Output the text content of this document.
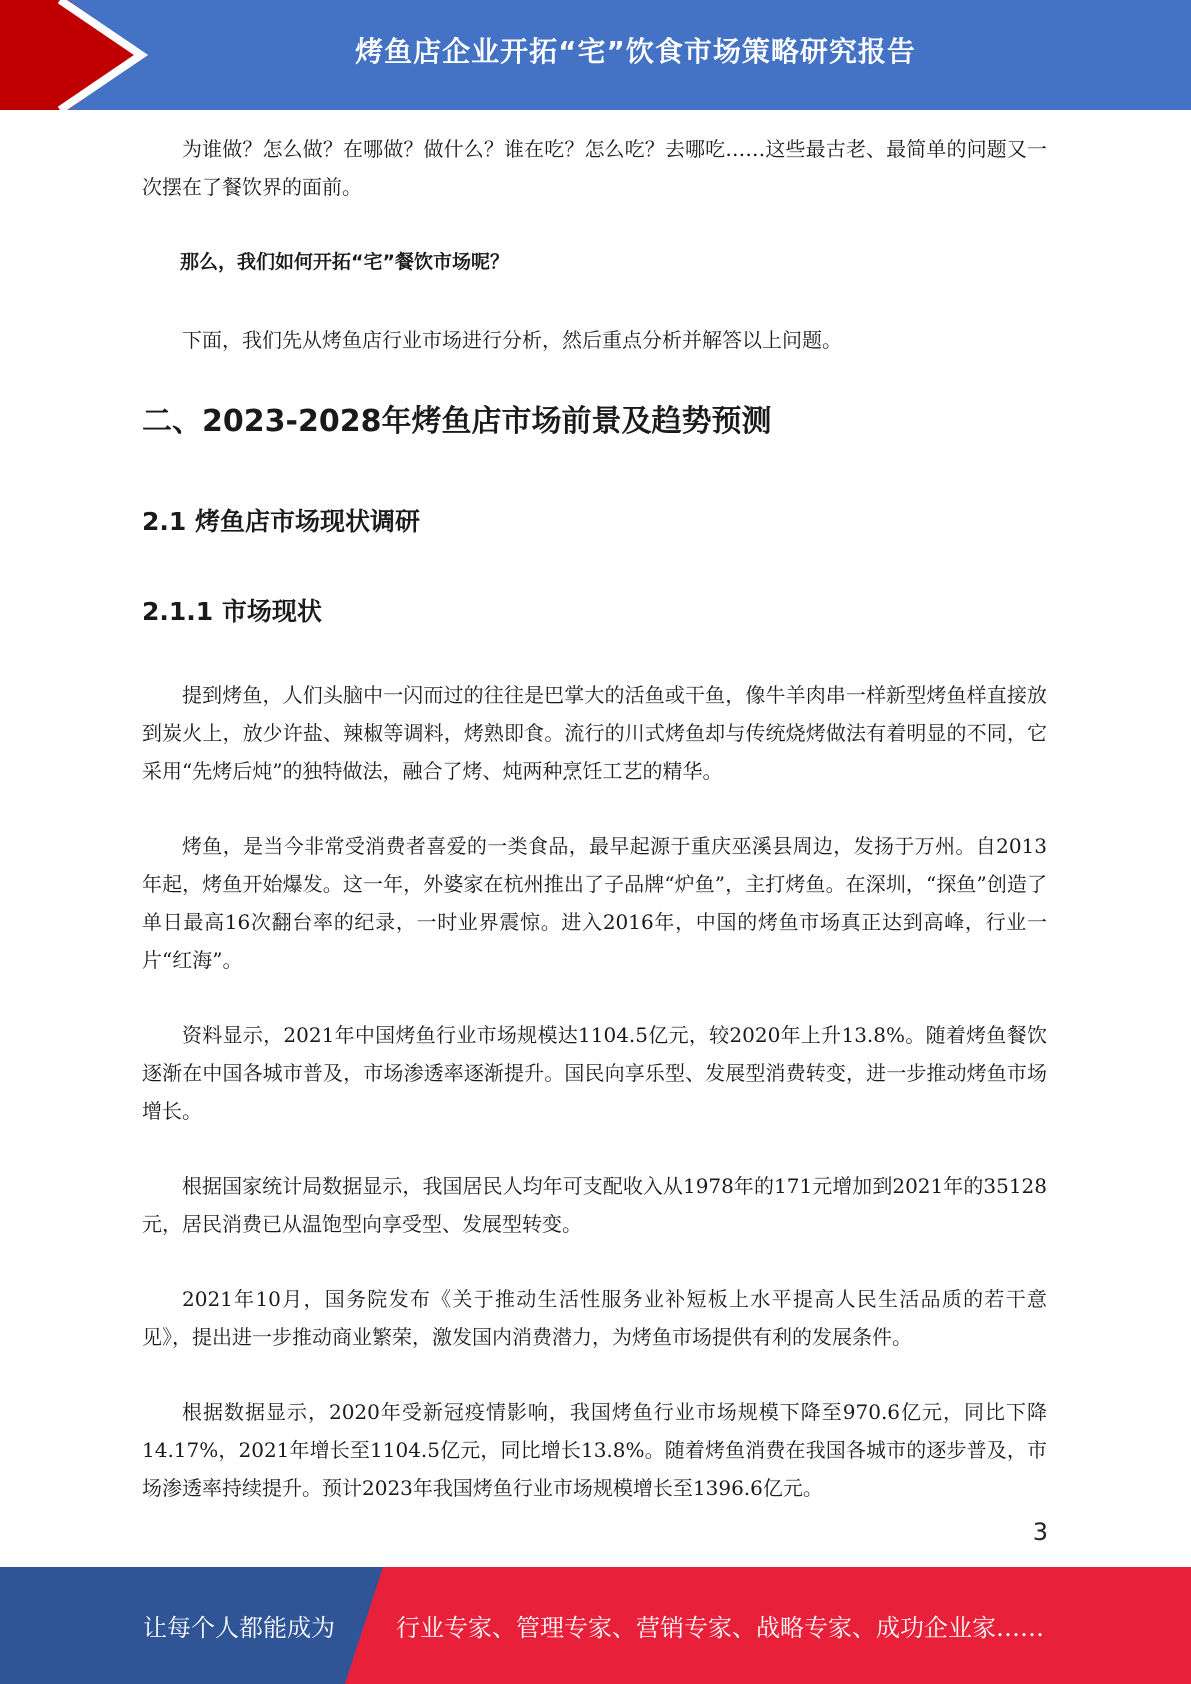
烤鱼店企业开拓“宅”饮食市场策略研究报告

为谁做？怎么做？在哪做？做什么？谁在吃？怎么吃？去哪吃……这些最古老、最简单的问题又一次摆在了餐饮界的面前。

那么，我们如何开拓“宅”餐饮市场呢？

下面，我们先从烤鱼店行业市场进行分析，然后重点分析并解答以上问题。

二、2023-2028年烤鱼店市场前景及趋势预测
2.1 烤鱼店市场现状调研
2.1.1 市场现状

提到烤鱼，人们头脑中一闪而过的往往是巴掌大的活鱼或干鱼，像牛羊肉串一样新型烤鱼样直接放到炭火上，放少许盐、辣椒等调料，烤熟即食。流行的川式烤鱼却与传统烧烤做法有着明显的不同，它采用“先烤后炖”的独特做法，融合了烤、炖两种烹饪工艺的精华。

烤鱼，是当今非常受消费者喜爱的一类食品，最早起源于重庆巫溪县周边，发扬于万州。自2013年起，烤鱼开始爆发。这一年，外婆家在杭州推出了子品牌“炉鱼”，主打烤鱼。在深圳，“探鱼”创造了单日最高16次翻台率的纪录，一时业界震惊。进入2016年，中国的烤鱼市场真正达到高峰，行业一片“红海”。

资料显示，2021年中国烤鱼行业市场规模达1104.5亿元，较2020年上升13.8%。随着烤鱼餐饮逐渐在中国各城市普及，市场渗透率逐渐提升。国民向享乐型、发展型消费转变，进一步推动烤鱼市场增长。

根据国家统计局数据显示，我国居民人均年可支配收入从1978年的171元增加到2021年的35128元，居民消费已从温饱型向享受型、发展型转变。

2021年10月，国务院发布《关于推动生活性服务业补短板上水平提高人民生活品质的若干意见》，提出进一步推动商业繁荣，激发国内消费潜力，为烤鱼市场提供有利的发展条件。

根据数据显示，2020年受新冠疫情影响，我国烤鱼行业市场规模下降至970.6亿元，同比下降14.17%，2021年增长至1104.5亿元，同比增长13.8%。随着烤鱼消费在我国各城市的逐步普及，市场渗透率持续提升。预计2023年我国烤鱼行业市场规模增长至1396.6亿元。

3
让每个人都能成为	行业专家、管理专家、营销专家、战略专家、成功企业家……
